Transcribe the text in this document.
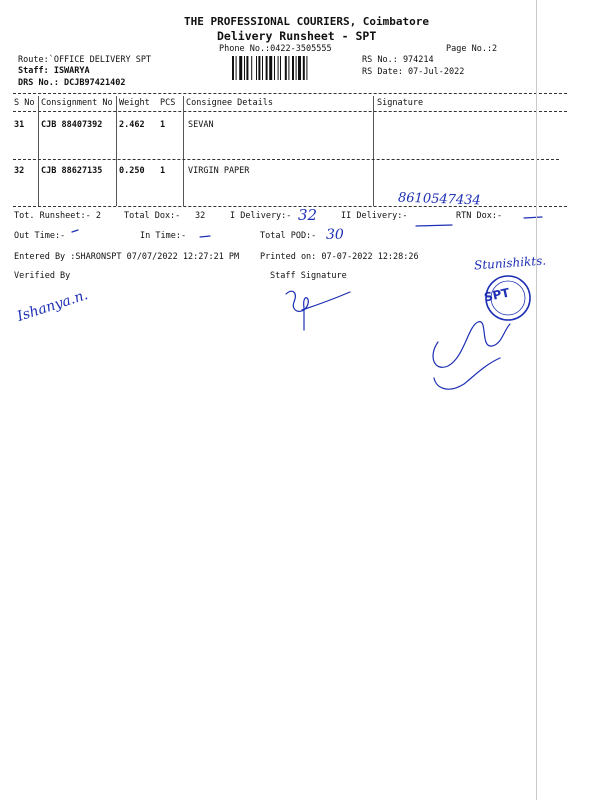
THE PROFESSIONAL COURIERS, Coimbatore
Delivery Runsheet - SPT
Phone No.:0422-3505555	Page No.:2
Route:`OFFICE DELIVERY SPT
Staff: ISWARYA
DRS No.: DCJB97421402
RS No.: 974214
RS Date: 07-Jul-2022
S No Consignment No Weight PCS Consignee Details	Signature
31 CJB 88407392 2.462 1	SEVAN
32 CJB 88627135 0.250 1	VIRGIN PAPER
Tot. Runsheet:- 2	Total Dox:- 32	I Delivery:-	II Delivery:-	RTN Dox:-
Out Time:-	In Time:-	Total POD:-
Entered By :SHARONSPT 07/07/2022 12:27:21 PM Printed on: 07-07-2022 12:28:26
Verified By	Staff Signature
32
30
8610547434
Stunishikts.
Ishanya.n.	SPT
